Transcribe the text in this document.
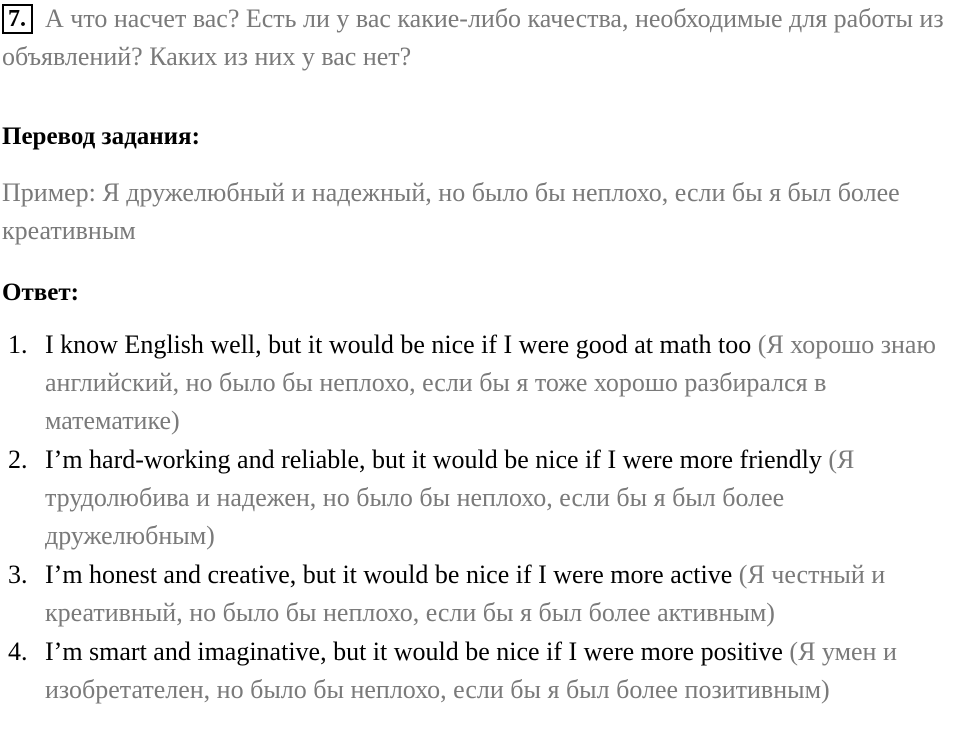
7. А что насчет вас? Есть ли у вас какие-либо качества, необходимые для работы из объявлений? Каких из них у вас нет?
Перевод задания:
Пример: Я дружелюбный и надежный, но было бы неплохо, если бы я был более креативным
Ответ:
1. I know English well, but it would be nice if I were good at math too (Я хорошо знаю английский, но было бы неплохо, если бы я тоже хорошо разбирался в математике)
2. I’m hard-working and reliable, but it would be nice if I were more friendly (Я трудолюбива и надежен, но было бы неплохо, если бы я был более дружелюбным)
3. I’m honest and creative, but it would be nice if I were more active (Я честный и креативный, но было бы неплохо, если бы я был более активным)
4. I’m smart and imaginative, but it would be nice if I were more positive (Я умен и изобретателен, но было бы неплохо, если бы я был более позитивным)
